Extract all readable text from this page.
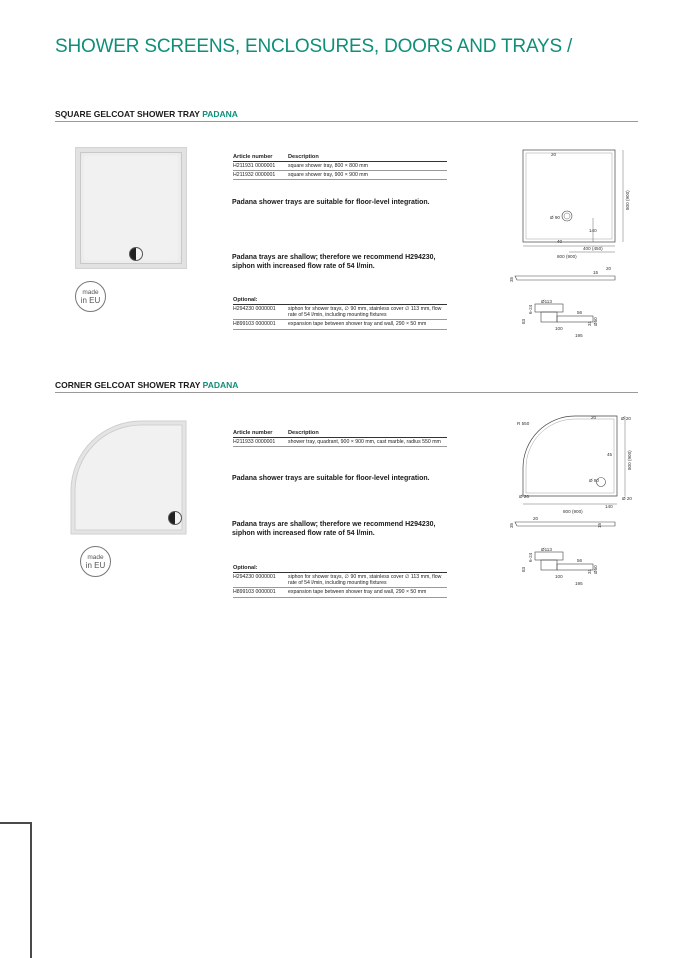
SHOWER SCREENS, ENCLOSURES, DOORS AND TRAYS /
SQUARE GELCOAT SHOWER TRAY PADANA
made
in EU
Article number	Description
H211931 0000001	square shower tray, 800 × 800 mm
H211932 0000001	square shower tray, 900 × 900 mm
Padana shower trays are suitable for floor-level integration.
Padana trays are shallow; therefore we recommend H294230, siphon with increased flow rate of 54 l/min.
Optional:
H294230 0000001	siphon for shower trays, ∅ 90 mm, stainless cover ∅ 113 mm, flow rate of 54 l/min, including mounting fixtures
H899103 0000001	expansion tape between shower tray and wall, 290 × 50 mm
20
Ø 90
140
40
400 (450)
800 (900)
800 (900)
35
15
20
Ø113
6-24
83
56
31 Ø50
100
195
CORNER GELCOAT SHOWER TRAY PADANA
made
in EU
Article number	Description
H211933 0000001	shower tray, quadrant, 900 × 900 mm, cast marble, radius 550 mm
Padana shower trays are suitable for floor-level integration.
Padana trays are shallow; therefore we recommend H294230, siphon with increased flow rate of 54 l/min.
Optional:
H294230 0000001	siphon for shower trays, ∅ 90 mm, stainless cover ∅ 113 mm, flow rate of 54 l/min, including mounting fixtures
H899103 0000001	expansion tape between shower tray and wall, 290 × 50 mm
R 550
Ø 20
20
45	800 (900)
Ø 90
Ø 26	Ø 20
140
800 (900)
35
20
15
Ø113
6-24
83
56
31 Ø50
100
195
